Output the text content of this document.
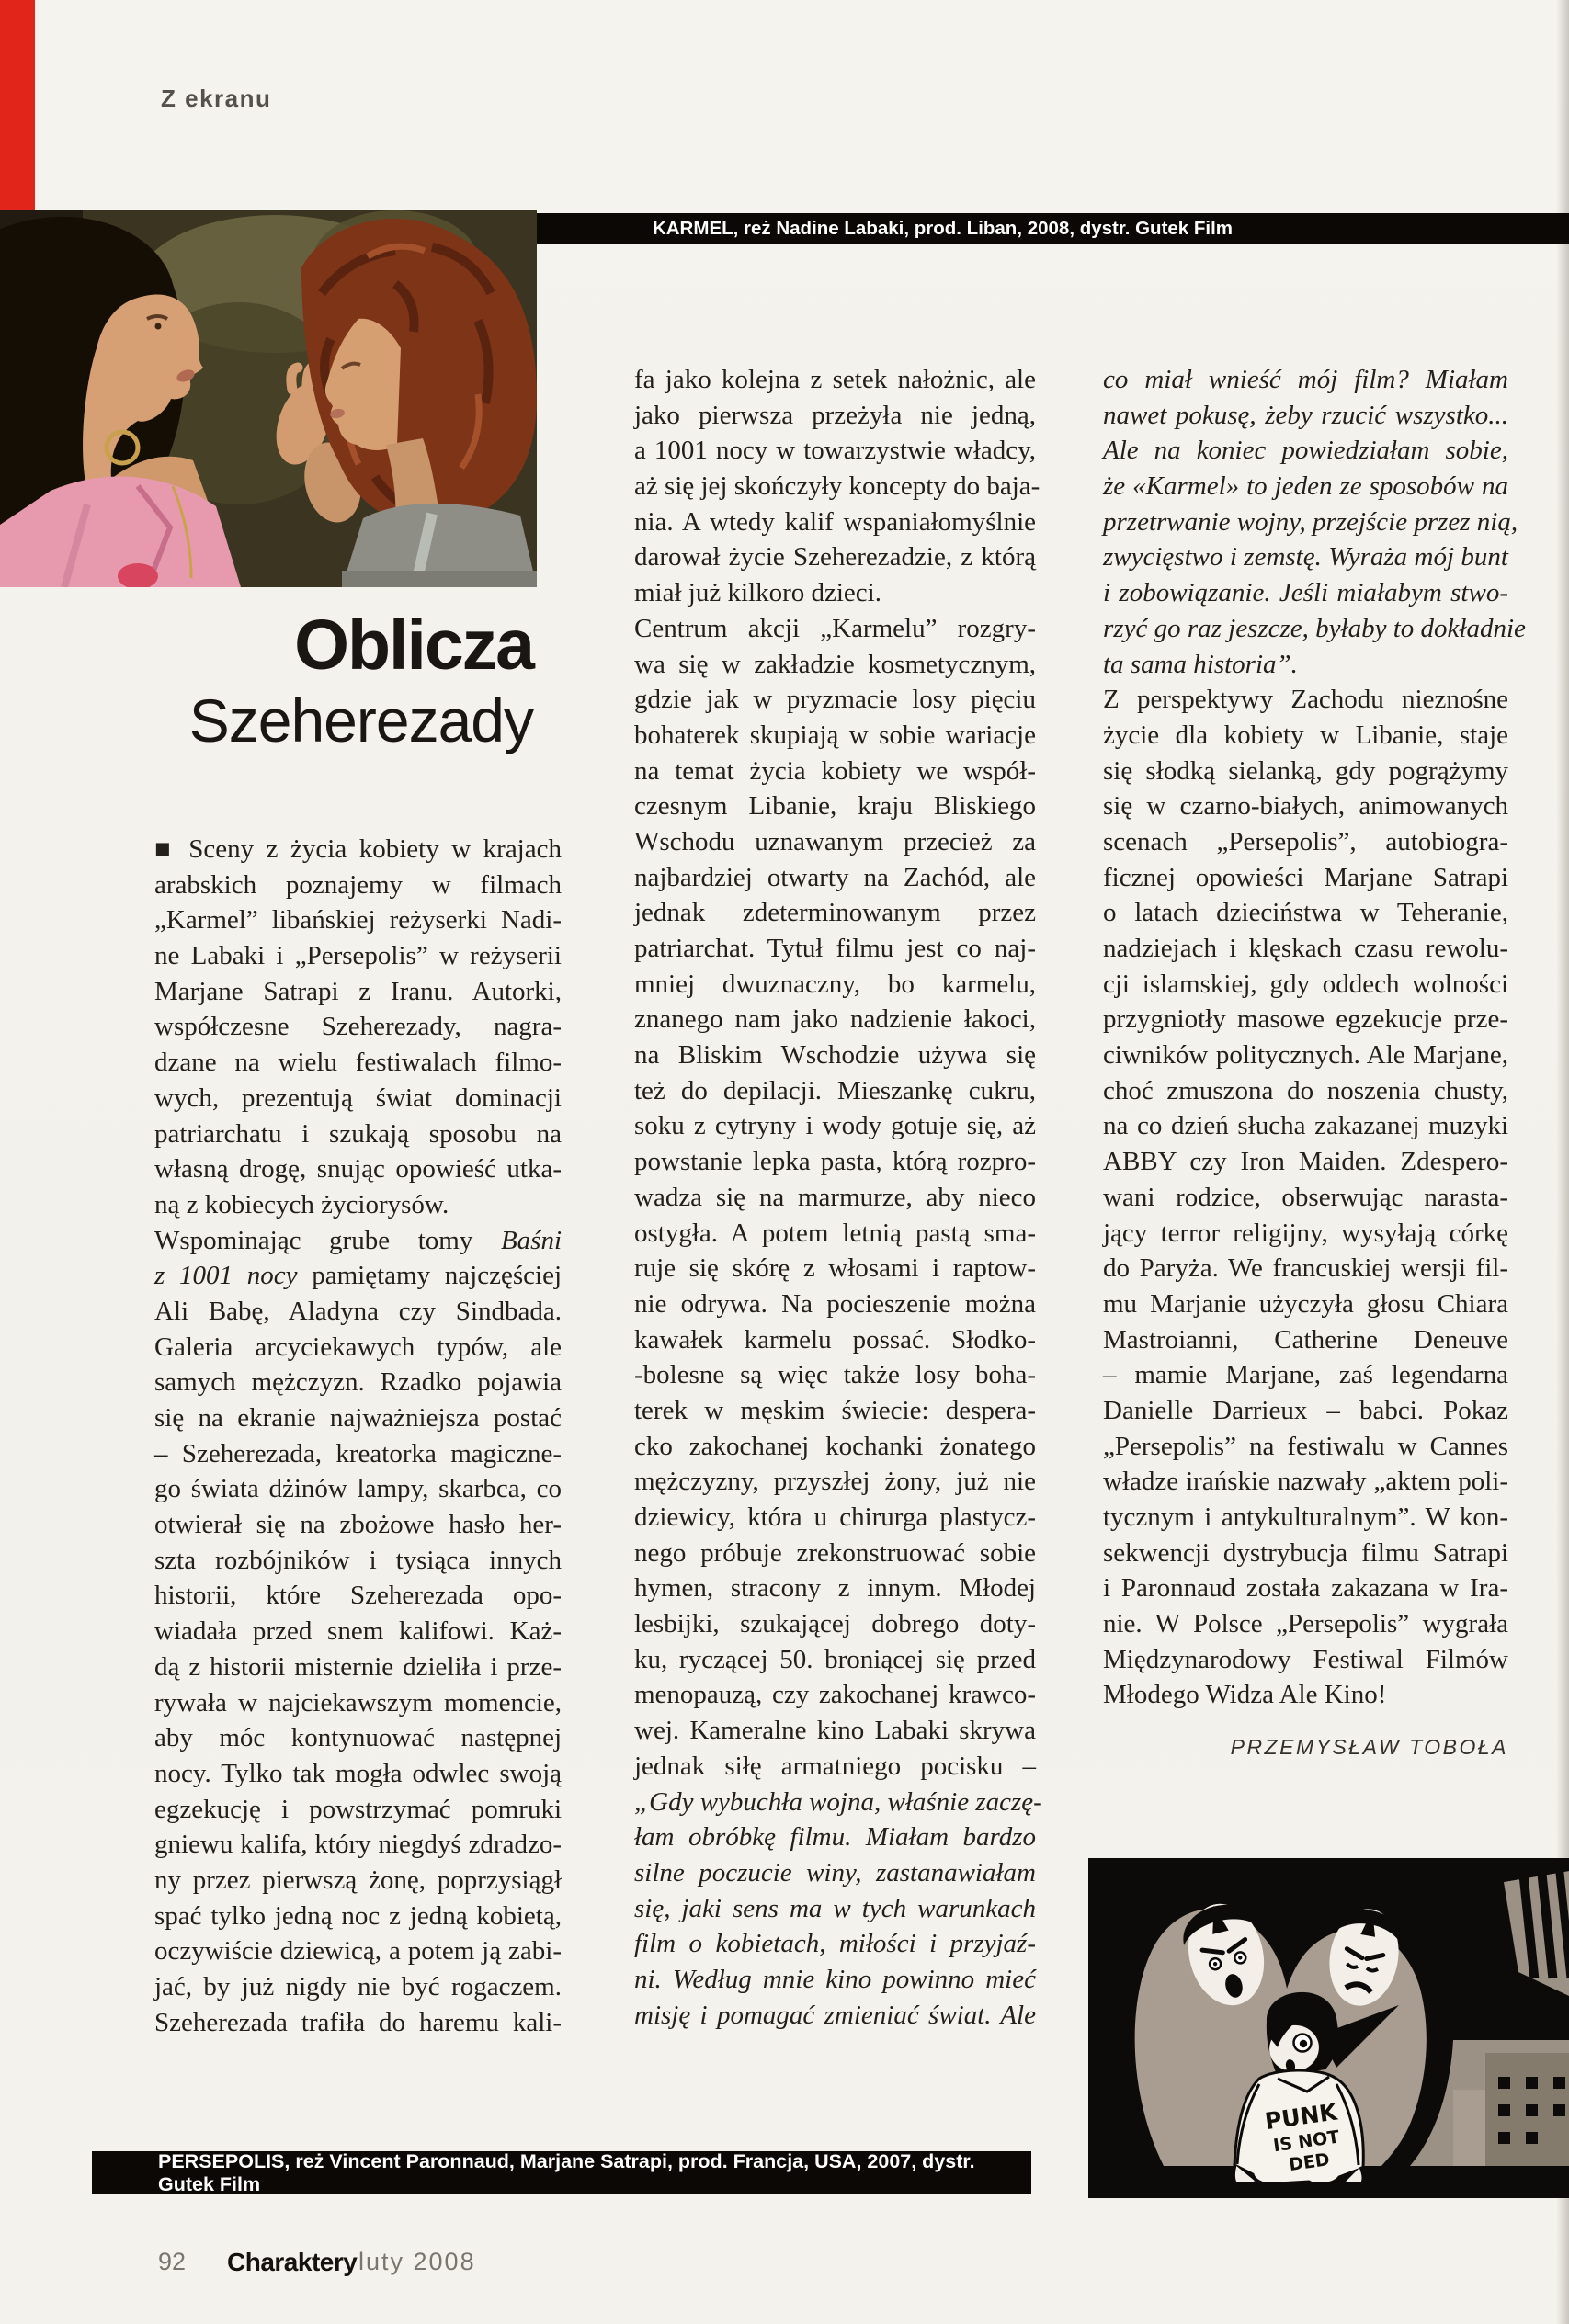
Z ekranu
KARMEL, reż Nadine Labaki, prod. Liban, 2008, dystr. Gutek Film
Oblicza
Szeherezady
■ Sceny z życia kobiety w krajach
arabskich poznajemy w filmach
„Karmel” libańskiej reżyserki Nadi-
ne Labaki i „Persepolis” w reżyserii
Marjane Satrapi z Iranu. Autorki,
współczesne Szeherezady, nagra-
dzane na wielu festiwalach filmo-
wych, prezentują świat dominacji
patriarchatu i szukają sposobu na
własną drogę, snując opowieść utka-
ną z kobiecych życiorysów.
Wspominając grube tomy Baśni
z 1001 nocy pamiętamy najczęściej
Ali Babę, Aladyna czy Sindbada.
Galeria arcyciekawych typów, ale
samych mężczyzn. Rzadko pojawia
się na ekranie najważniejsza postać
– Szeherezada, kreatorka magiczne-
go świata dżinów lampy, skarbca, co
otwierał się na zbożowe hasło her-
szta rozbójników i tysiąca innych
historii, które Szeherezada opo-
wiadała przed snem kalifowi. Każ-
dą z historii misternie dzieliła i prze-
rywała w najciekawszym momencie,
aby móc kontynuować następnej
nocy. Tylko tak mogła odwlec swoją
egzekucję i powstrzymać pomruki
gniewu kalifa, który niegdyś zdradzo-
ny przez pierwszą żonę, poprzysiągł
spać tylko jedną noc z jedną kobietą,
oczywiście dziewicą, a potem ją zabi-
jać, by już nigdy nie być rogaczem.
Szeherezada trafiła do haremu kali-
fa jako kolejna z setek nałożnic, ale
jako pierwsza przeżyła nie jedną,
a 1001 nocy w towarzystwie władcy,
aż się jej skończyły koncepty do baja-
nia. A wtedy kalif wspaniałomyślnie
darował życie Szeherezadzie, z którą
miał już kilkoro dzieci.
Centrum akcji „Karmelu” rozgry-
wa się w zakładzie kosmetycznym,
gdzie jak w pryzmacie losy pięciu
bohaterek skupiają w sobie wariacje
na temat życia kobiety we współ-
czesnym Libanie, kraju Bliskiego
Wschodu uznawanym przecież za
najbardziej otwarty na Zachód, ale
jednak zdeterminowanym przez
patriarchat. Tytuł filmu jest co naj-
mniej dwuznaczny, bo karmelu,
znanego nam jako nadzienie łakoci,
na Bliskim Wschodzie używa się
też do depilacji. Mieszankę cukru,
soku z cytryny i wody gotuje się, aż
powstanie lepka pasta, którą rozpro-
wadza się na marmurze, aby nieco
ostygła. A potem letnią pastą sma-
ruje się skórę z włosami i raptow-
nie odrywa. Na pocieszenie można
kawałek karmelu possać. Słodko-
-bolesne są więc także losy boha-
terek w męskim świecie: despera-
cko zakochanej kochanki żonatego
mężczyzny, przyszłej żony, już nie
dziewicy, która u chirurga plastycz-
nego próbuje zrekonstruować sobie
hymen, stracony z innym. Młodej
lesbijki, szukającej dobrego doty-
ku, ryczącej 50. broniącej się przed
menopauzą, czy zakochanej krawco-
wej. Kameralne kino Labaki skrywa
jednak siłę armatniego pocisku –
„Gdy wybuchła wojna, właśnie zaczę-
łam obróbkę filmu. Miałam bardzo
silne poczucie winy, zastanawiałam
się, jaki sens ma w tych warunkach
film o kobietach, miłości i przyjaź-
ni. Według mnie kino powinno mieć
misję i pomagać zmieniać świat. Ale
co miał wnieść mój film? Miałam
nawet pokusę, żeby rzucić wszystko...
Ale na koniec powiedziałam sobie,
że «Karmel» to jeden ze sposobów na
przetrwanie wojny, przejście przez nią,
zwycięstwo i zemstę. Wyraża mój bunt
i zobowiązanie. Jeśli miałabym stwo-
rzyć go raz jeszcze, byłaby to dokładnie
ta sama historia”.
Z perspektywy Zachodu nieznośne
życie dla kobiety w Libanie, staje
się słodką sielanką, gdy pogrążymy
się w czarno-białych, animowanych
scenach „Persepolis”, autobiogra-
ficznej opowieści Marjane Satrapi
o latach dzieciństwa w Teheranie,
nadziejach i klęskach czasu rewolu-
cji islamskiej, gdy oddech wolności
przygniotły masowe egzekucje prze-
ciwników politycznych. Ale Marjane,
choć zmuszona do noszenia chusty,
na co dzień słucha zakazanej muzyki
ABBY czy Iron Maiden. Zdespero-
wani rodzice, obserwując narasta-
jący terror religijny, wysyłają córkę
do Paryża. We francuskiej wersji fil-
mu Marjanie użyczyła głosu Chiara
Mastroianni, Catherine Deneuve
– mamie Marjane, zaś legendarna
Danielle Darrieux – babci. Pokaz
„Persepolis” na festiwalu w Cannes
władze irańskie nazwały „aktem poli-
tycznym i antykulturalnym”. W kon-
sekwencji dystrybucja filmu Satrapi
i Paronnaud została zakazana w Ira-
nie. W Polsce „Persepolis” wygrała
Międzynarodowy Festiwal Filmów
Młodego Widza Ale Kino!
PRZEMYSŁAW TOBOŁA
PUNK
IS NOT
DED
PERSEPOLIS, reż Vincent Paronnaud, Marjane Satrapi, prod. Francja, USA, 2007, dystr. Gutek Film
92 Charaktery luty 2008
